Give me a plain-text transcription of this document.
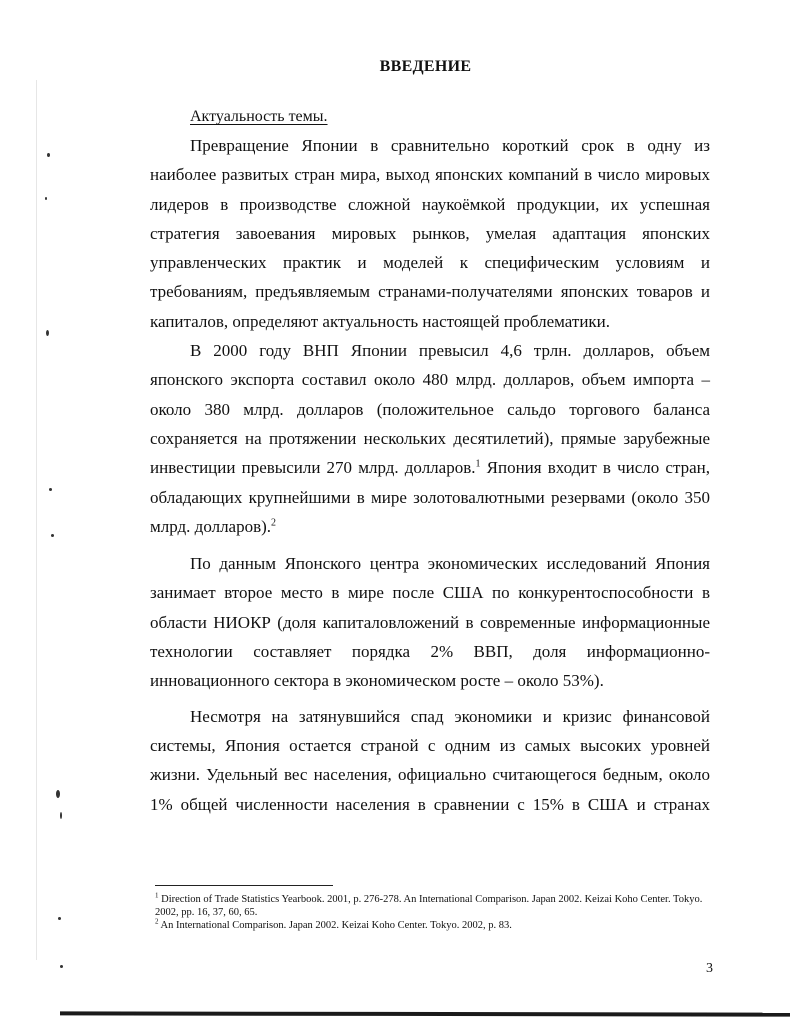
ВВЕДЕНИЕ
Актуальность темы.

Превращение Японии в сравнительно короткий срок в одну из наиболее развитых стран мира, выход японских компаний в число мировых лидеров в производстве сложной наукоёмкой продукции, их успешная стратегия завоевания мировых рынков, умелая адаптация японских управленческих практик и моделей к специфическим условиям и требованиям, предъявляемым странами-получателями японских товаров и капиталов, определяют актуальность настоящей проблематики.

В 2000 году ВНП Японии превысил 4,6 трлн. долларов, объем японского экспорта составил около 480 млрд. долларов, объем импорта – около 380 млрд. долларов (положительное сальдо торгового баланса сохраняется на протяжении нескольких десятилетий), прямые зарубежные инвестиции превысили 270 млрд. долларов.$^1$ Япония входит в число стран, обладающих крупнейшими в мире золотовалютными резервами (около 350 млрд. долларов).$^2$

По данным Японского центра экономических исследований Япония занимает второе место в мире после США по конкурентоспособности в области НИОКР (доля капиталовложений в современные информационные технологии составляет порядка 2% ВВП, доля информационно-инновационного сектора в экономическом росте – около 53%).

Несмотря на затянувшийся спад экономики и кризис финансовой системы, Япония остается страной с одним из самых высоких уровней жизни. Удельный вес населения, официально считающегося бедным, около 1% общей численности населения в сравнении с 15% в США и странах

$^1$ Direction of Trade Statistics Yearbook. 2001, p. 276-278. An International Comparison. Japan 2002. Keizai Koho Center. Tokyo. 2002, pp. 16, 37, 60, 65.

$^2$ An International Comparison. Japan 2002. Keizai Koho Center. Tokyo. 2002, p. 83.

3
